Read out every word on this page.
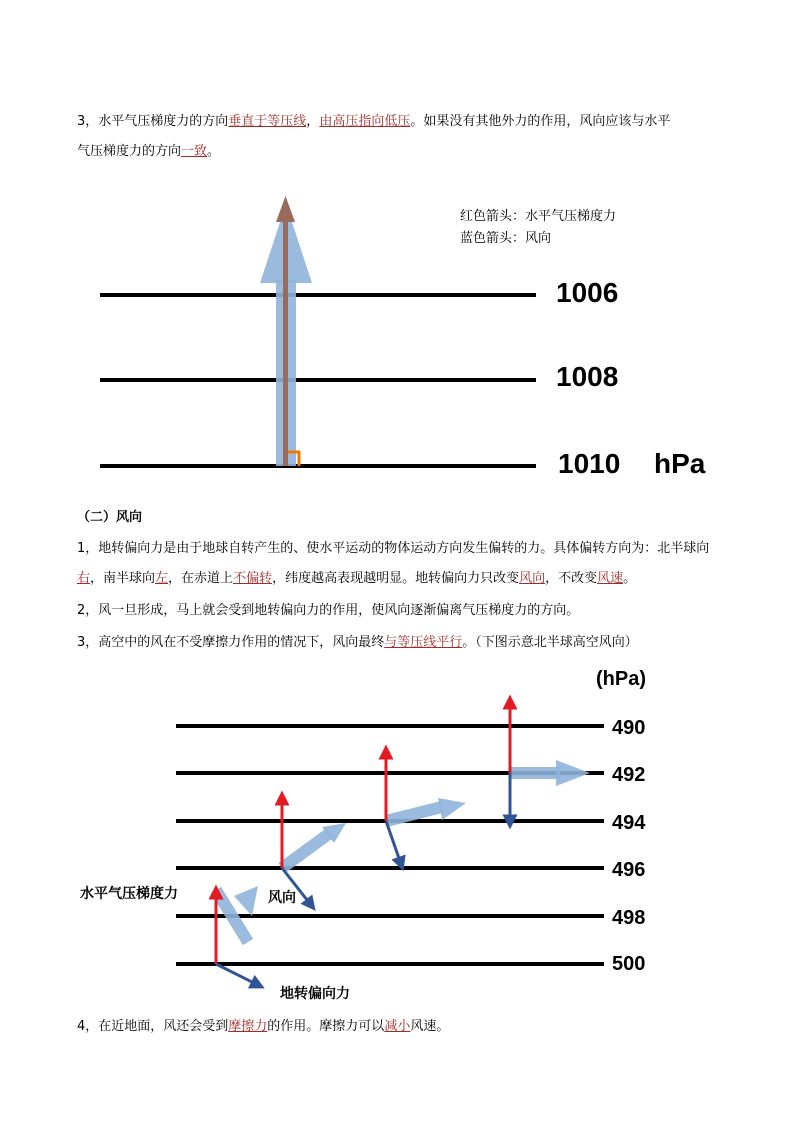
3，水平气压梯度力的方向垂直于等压线，由高压指向低压。如果没有其他外力的作用，风向应该与水平
气压梯度力的方向一致。

红色箭头：水平气压梯度力
蓝色箭头：风向
1006
1008
1010 hPa

（二）风向

1，地转偏向力是由于地球自转产生的、使水平运动的物体运动方向发生偏转的力。具体偏转方向为：北半球向右，南半球向左，在赤道上不偏转，纬度越高表现越明显。地转偏向力只改变风向，不改变风速。

2，风一旦形成，马上就会受到地转偏向力的作用，使风向逐渐偏离气压梯度力的方向。

3，高空中的风在不受摩擦力作用的情况下，风向最终与等压线平行。（下图示意北半球高空风向）

(hPa)
490
492
494
496
498
500
水平气压梯度力	风向
地转偏向力

4，在近地面，风还会受到摩擦力的作用。摩擦力可以减小风速。
